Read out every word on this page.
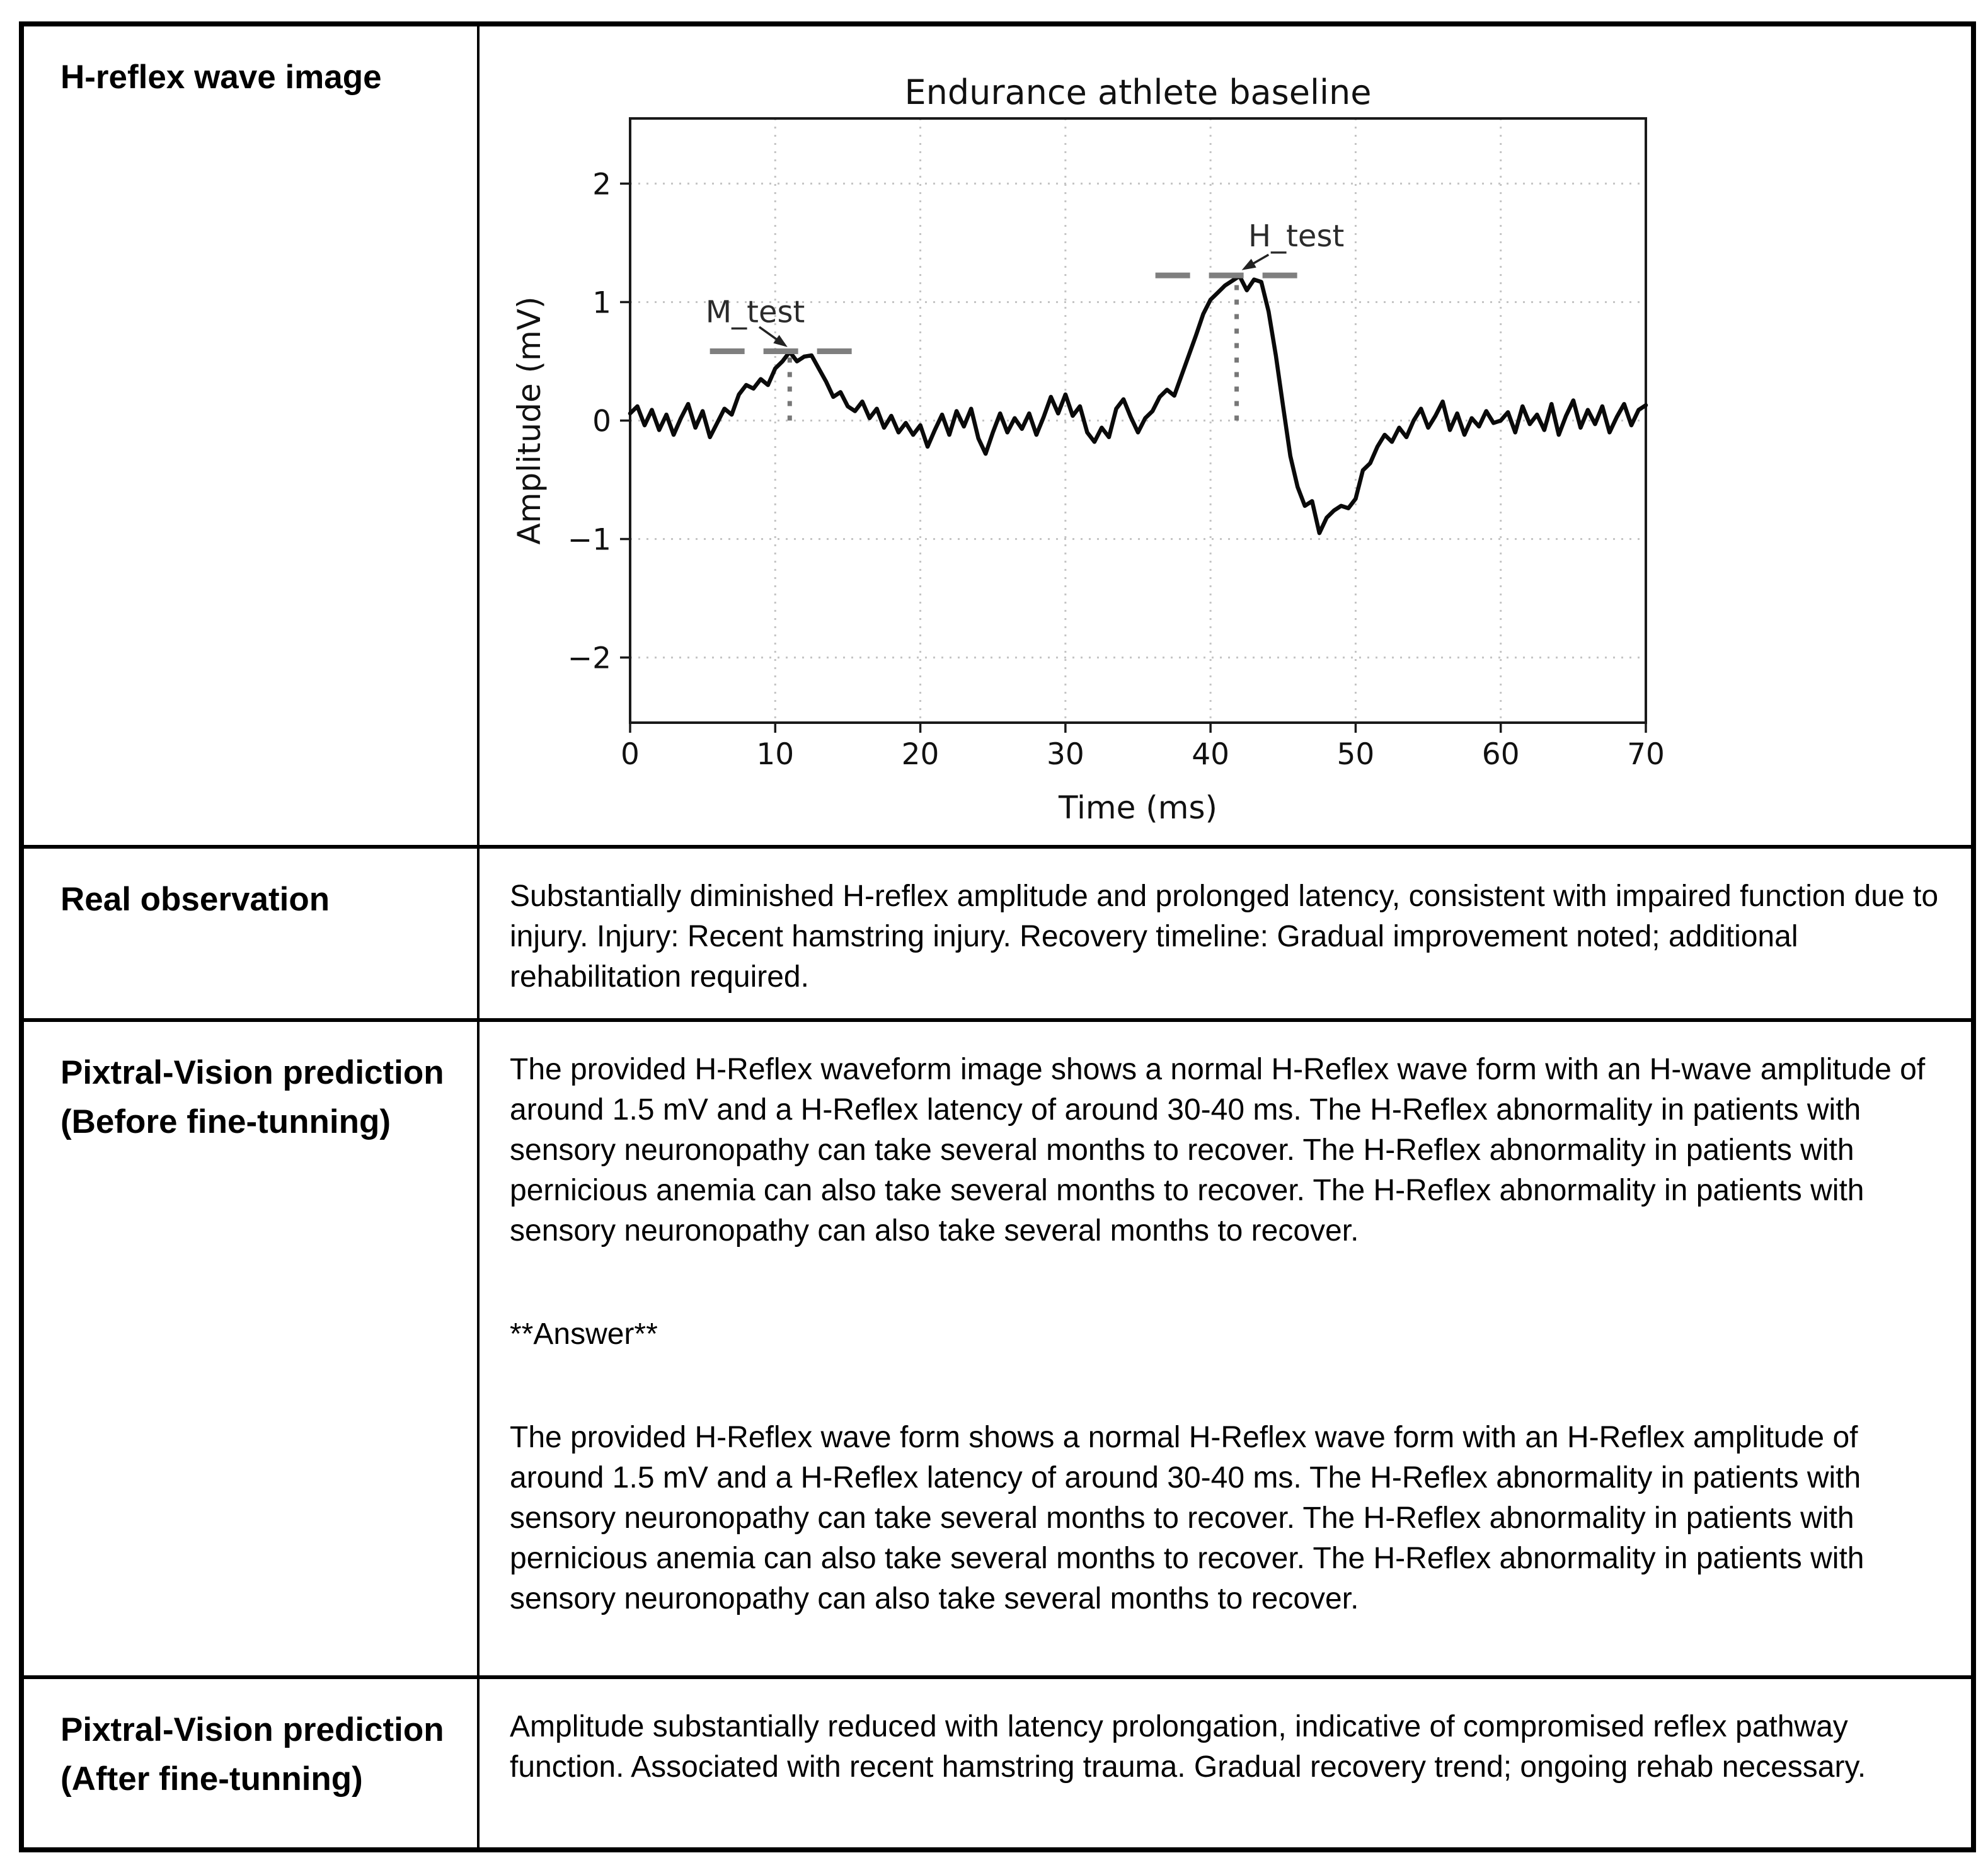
H-reflex wave image
0	10	20	30	40	50	60	70
−2
−1
0
1
2
Endurance athlete baseline
Time (ms)
Amplitude (mV)	M_test
H_test
Real observation	Substantially diminished H-reflex amplitude and prolonged latency, consistent with impaired function due to injury. Injury: Recent hamstring injury. Recovery timeline: Gradual improvement noted; additional rehabilitation required.

Pixtral-Vision prediction
(Before fine-tunning)

The provided H-Reflex waveform image shows a normal H-Reflex wave form with an H-wave amplitude of around 1.5 mV and a H-Reflex latency of around 30-40 ms. The H-Reflex abnormality in patients with sensory neuronopathy can take several months to recover. The H-Reflex abnormality in patients with pernicious anemia can also take several months to recover. The H-Reflex abnormality in patients with sensory neuronopathy can also take several months to recover.

**Answer**

The provided H-Reflex wave form shows a normal H-Reflex wave form with an H-Reflex amplitude of around 1.5 mV and a H-Reflex latency of around 30-40 ms. The H-Reflex abnormality in patients with sensory neuronopathy can take several months to recover. The H-Reflex abnormality in patients with pernicious anemia can also take several months to recover. The H-Reflex abnormality in patients with sensory neuronopathy can also take several months to recover.

Pixtral-Vision prediction
(After fine-tunning)

Amplitude substantially reduced with latency prolongation, indicative of compromised reflex pathway function. Associated with recent hamstring trauma. Gradual recovery trend; ongoing rehab necessary.
